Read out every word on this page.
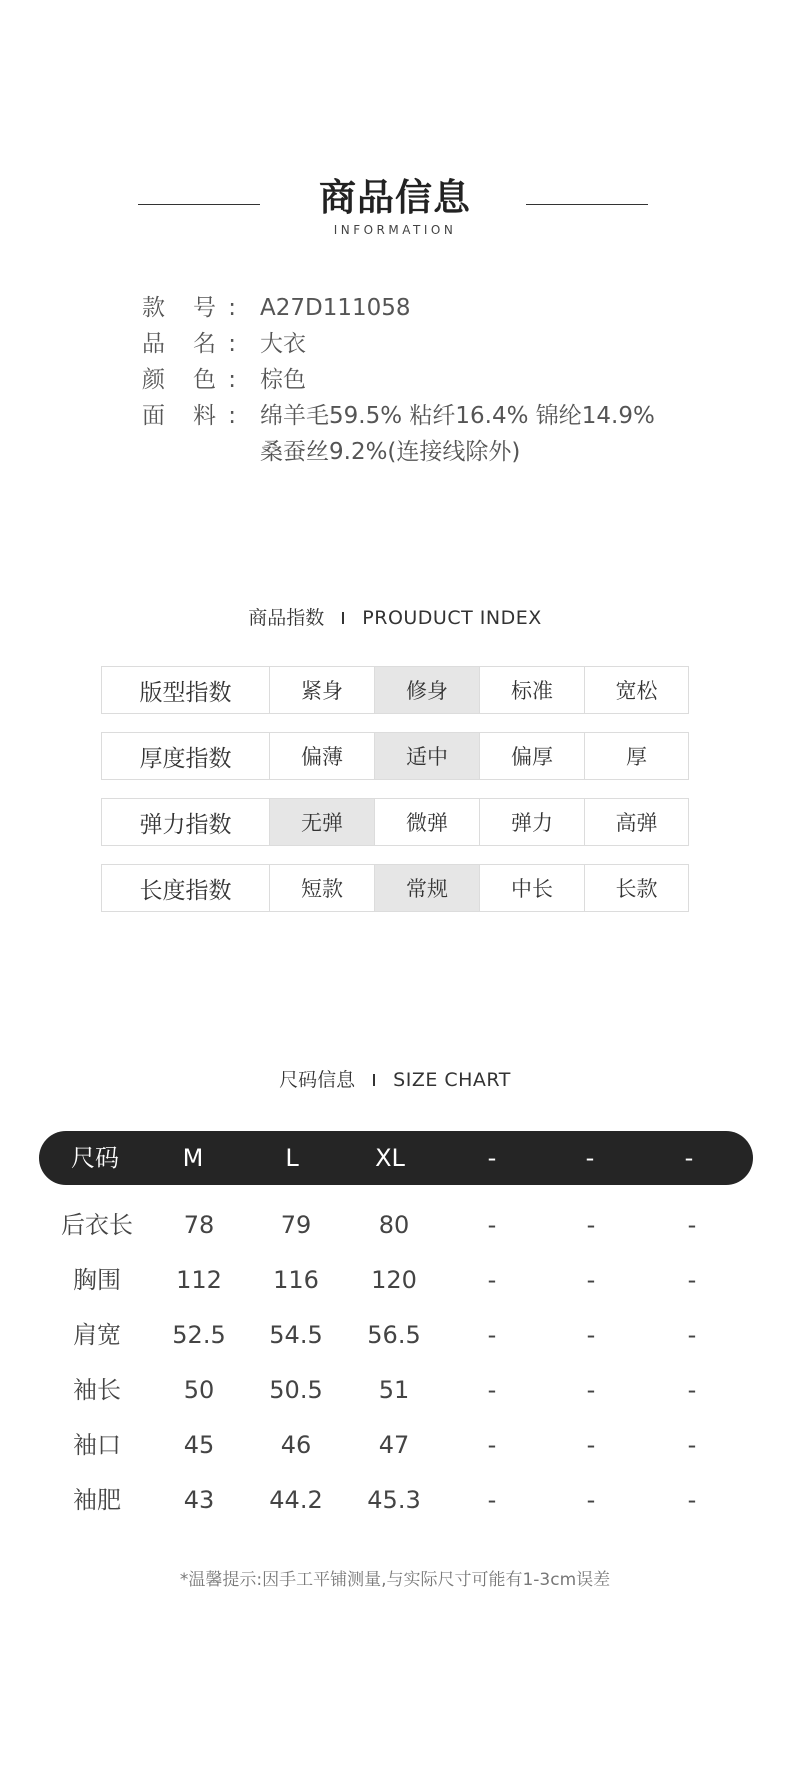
商品信息
INFORMATION
款 号 : A27D111058
品 名 : 大衣
颜 色 : 棕色
面 料 : 绵羊毛59.5% 粘纤16.4% 锦纶14.9%
桑蚕丝9.2%(连接线除外)
商品指数 PROUDUCT INDEX
版型指数	紧身	修身	标准	宽松
厚度指数	偏薄	适中	偏厚	厚
弹力指数	无弹	微弹	弹力	高弹
长度指数	短款	常规	中长	长款
尺码信息 SIZE CHART
尺码	M	L	XL	-	-	-
后衣长 78	79	80	-	-	-
胸围 112 116 120	-	-	-
肩宽 52.5 54.5 56.5	-	-	-
袖长	50 50.5 51	-	-	-
袖口	45	46	47	-	-	-
袖肥	43 44.2 45.3	-	-	-
*温馨提示:因手工平铺测量,与实际尺寸可能有1-3cm误差
